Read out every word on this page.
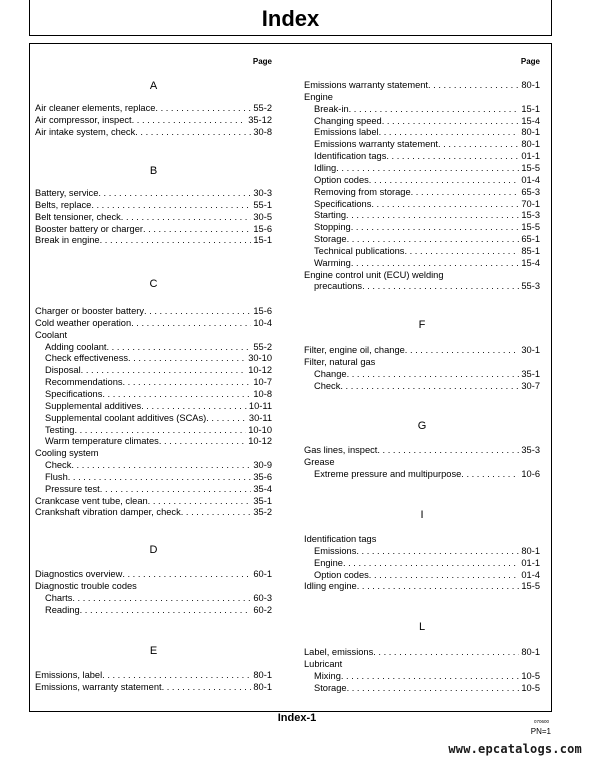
Index
Page
A
Air cleaner elements, replace . . .	55-2
Air compressor, inspect . . .	35-12
Air intake system, check . . .	30-8
B
Battery, service . . .	30-3
Belts, replace . . .	55-1
Belt tensioner, check . . .	30-5
Booster battery or charger . . .	15-6
Break in engine . . .	15-1
C
Charger or booster battery . . .	15-6
Cold weather operation . . .	10-4
Coolant
Adding coolant . . .	55-2
Check effectiveness . . .	30-10
Disposal . . .	10-12
Recommendations . . .	10-7
Specifications . . .	10-8
Supplemental additives . . .	10-11
Supplemental coolant additives (SCAs) . . .	30-11
Testing . . .	10-10
Warm temperature climates . . .	10-12
Cooling system
Check . . .	30-9
Flush . . .	35-6
Pressure test . . .	35-4
Crankcase vent tube, clean . . .	35-1
Crankshaft vibration damper, check . . .	35-2
D
Diagnostics overview . . .	60-1
Diagnostic trouble codes
Charts . . .	60-3
Reading . . .	60-2
E
Emissions, label . . .	80-1
Emissions, warranty statement . . .	80-1
Page
Emissions warranty statement . . .	80-1
Engine
Break-in . . .	15-1
Changing speed . . .	15-4
Emissions label . . .	80-1
Emissions warranty statement . . .	80-1
Identification tags . . .	01-1
Idling . . .	15-5
Option codes . . .	01-4
Removing from storage . . .	65-3
Specifications . . .	70-1
Starting . . .	15-3
Stopping . . .	15-5
Storage . . .	65-1
Technical publications . . .	85-1
Warming . . .	15-4
Engine control unit (ECU) welding
precautions . . .	55-3
F
Filter, engine oil, change . . .	30-1
Filter, natural gas
Change . . .	35-1
Check . . .	30-7
G
Gas lines, inspect . . .	35-3
Grease
Extreme pressure and multipurpose . . .	10-6
I
Identification tags
Emissions . . .	80-1
Engine . . .	01-1
Option codes . . .	01-4
Idling engine . . .	15-5
L
Label, emissions . . .	80-1
Lubricant
Mixing . . .	10-5
Storage . . .	10-5
Index-1	070600
PN=1
www.epcatalogs.com
